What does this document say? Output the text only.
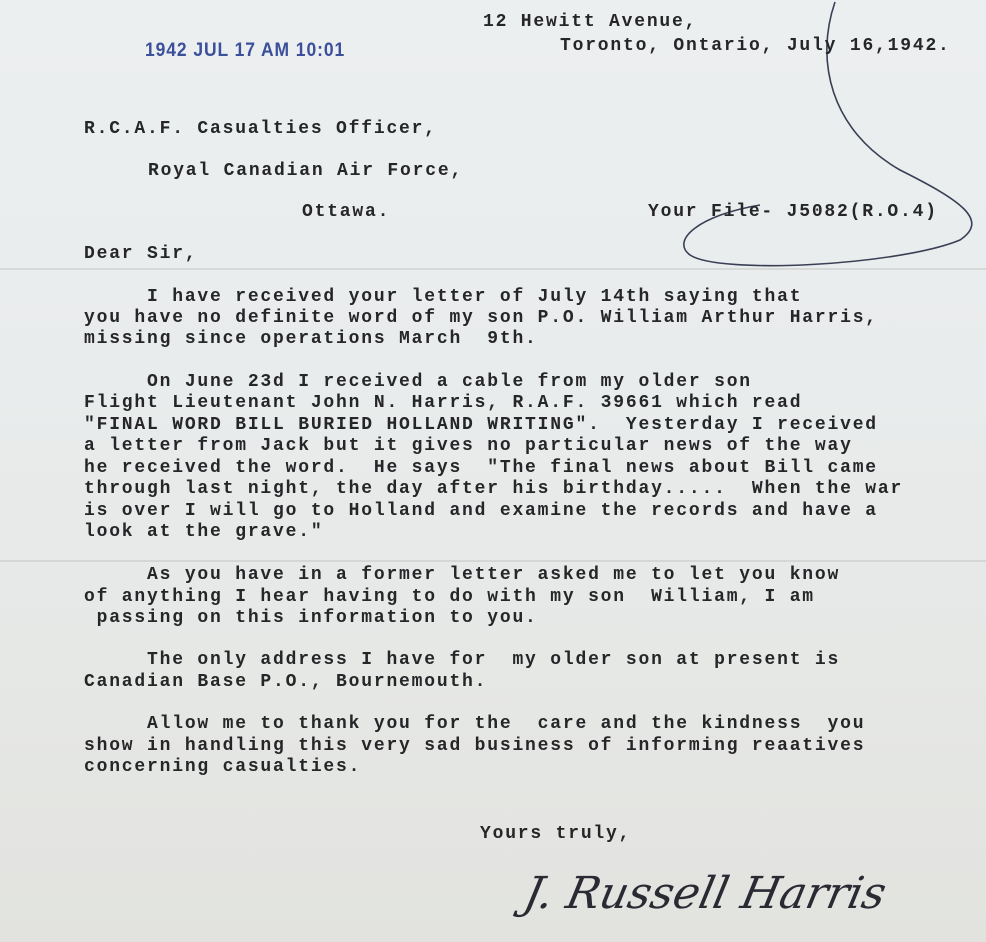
1942 JUL 17 AM 10:01
12 Hewitt Avenue,
Toronto, Ontario, July 16,1942.
R.C.A.F. Casualties Officer,
Royal Canadian Air Force,
Ottawa.	Your File- J5082(R.O.4)
Dear Sir,
I have received your letter of July 14th saying that
you have no definite word of my son P.O. William Arthur Harris,
missing since operations March  9th.
On June 23d I received a cable from my older son
Flight Lieutenant John N. Harris, R.A.F. 39661 which read
"FINAL WORD BILL BURIED HOLLAND WRITING".  Yesterday I received
a letter from Jack but it gives no particular news of the way
he received the word.  He says  "The final news about Bill came
through last night, the day after his birthday.....  When the war
is over I will go to Holland and examine the records and have a
look at the grave."
As you have in a former letter asked me to let you know
of anything I hear having to do with my son  William, I am
passing on this information to you.
The only address I have for  my older son at present is
Canadian Base P.O., Bournemouth.
Allow me to thank you for the  care and the kindness  you
show in handling this very sad business of informing reaatives
concerning casualties.
Yours truly,
J. Russell Harris
